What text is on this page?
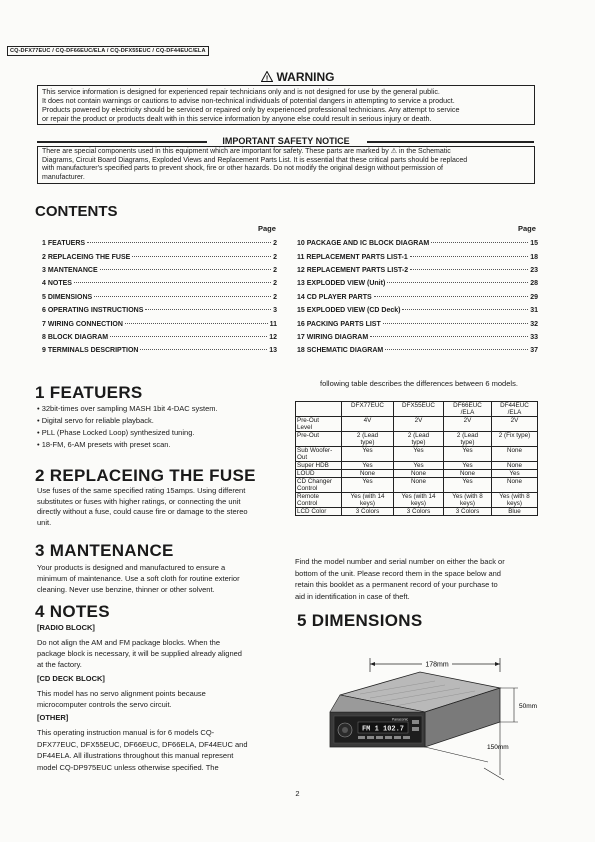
CQ-DFX77EUC / CQ-DF66EUC/ELA / CQ-DFX55EUC / CQ-DF44EUC/ELA
! WARNING
This service information is designed for experienced repair technicians only and is not designed for use by the general public.
It does not contain warnings or cautions to advise non-technical individuals of potential dangers in attempting to service a product.
Products powered by electricity should be serviced or repaired only by experienced professional technicians. Any attempt to service
or repair the product or products dealt with in this service information by anyone else could result in serious injury or death.
IMPORTANT SAFETY NOTICE
There are special components used in this equipment which are important for safety. These parts are marked by ⚠ in the Schematic
Diagrams, Circuit Board Diagrams, Exploded Views and Replacement Parts List. It is essential that these critical parts should be replaced
with manufacturer's specified parts to prevent shock, fire or other hazards. Do not modify the original design without permission of
manufacturer.
CONTENTS
Page	Page
1 FEATUERS	2
2 REPLACEING THE FUSE	2
3 MANTENANCE	2
4 NOTES	2
5 DIMENSIONS	2
6 OPERATING INSTRUCTIONS	3
7 WIRING CONNECTION	11
8 BLOCK DIAGRAM	12
9 TERMINALS DESCRIPTION	13
10 PACKAGE AND IC BLOCK DIAGRAM	15
11 REPLACEMENT PARTS LIST-1	18
12 REPLACEMENT PARTS LIST-2	23
13 EXPLODED VIEW (Unit)	28
14 CD PLAYER PARTS	29
15 EXPLODED VIEW (CD Deck)	31
16 PACKING PARTS LIST	32
17 WIRING DIAGRAM	33
18 SCHEMATIC DIAGRAM	37
1 FEATUERS
• 32bit-times over sampling MASH 1bit 4-DAC system.
• Digital servo for reliable playback.
• PLL (Phase Locked Loop) synthesized tuning.
• 18-FM, 6-AM presets with preset scan.
2 REPLACEING THE FUSE
Use fuses of the same specified rating 15amps. Using different
substitutes or fuses with higher ratings, or connecting the unit
directly without a fuse, could cause fire or damage to the stereo
unit.
3 MANTENANCE
Your products is designed and manufactured to ensure a
minimum of maintenance. Use a soft cloth for routine exterior
cleaning. Never use benzine, thinner or other solvent.
4 NOTES
[RADIO BLOCK]
Do not align the AM and FM package blocks. When the
package block is necessary, it will be supplied already aligned
at the factory.
[CD DECK BLOCK]
This model has no servo alignment points because
microcomputer controls the servo circuit.
[OTHER]
This operating instruction manual is for 6 models CQ-
DFX77EUC, DFX55EUC, DF66EUC, DF66ELA, DF44EUC and
DF44ELA. All illustrations throughout this manual represent
model CQ-DP975EUC unless otherwise specified. The
following table describes the differences between 6 models.
	DFX77EUC	DFX55EUC	DF66EUC
/ELA	DF44EUC
/ELA
Pre-Out
Level	4V	2V	2V	2V
Pre-Out	2 (Lead
type)	2 (Lead
type)	2 (Lead
type)	2 (Fix type)
Sub Woofer-
Out	Yes	Yes	Yes	None
Super HDB	Yes	Yes	Yes	None
LOUD	None	None	None	Yes
CD Changer
Control	Yes	None	Yes	None
Remote
Control	Yes (with 14
keys)	Yes (with 14
keys)	Yes (with 8
keys)	Yes (with 8
keys)
LCD Color	3 Colors	3 Colors	3 Colors	Blue
Find the model number and serial number on either the back or
bottom of the unit. Please record them in the space below and
retain this booklet as a permanent record of your purchase to
aid in identification in case of theft.
5 DIMENSIONS
178mm
FM 1 102.7
Panasonic
50mm
150mm
2
